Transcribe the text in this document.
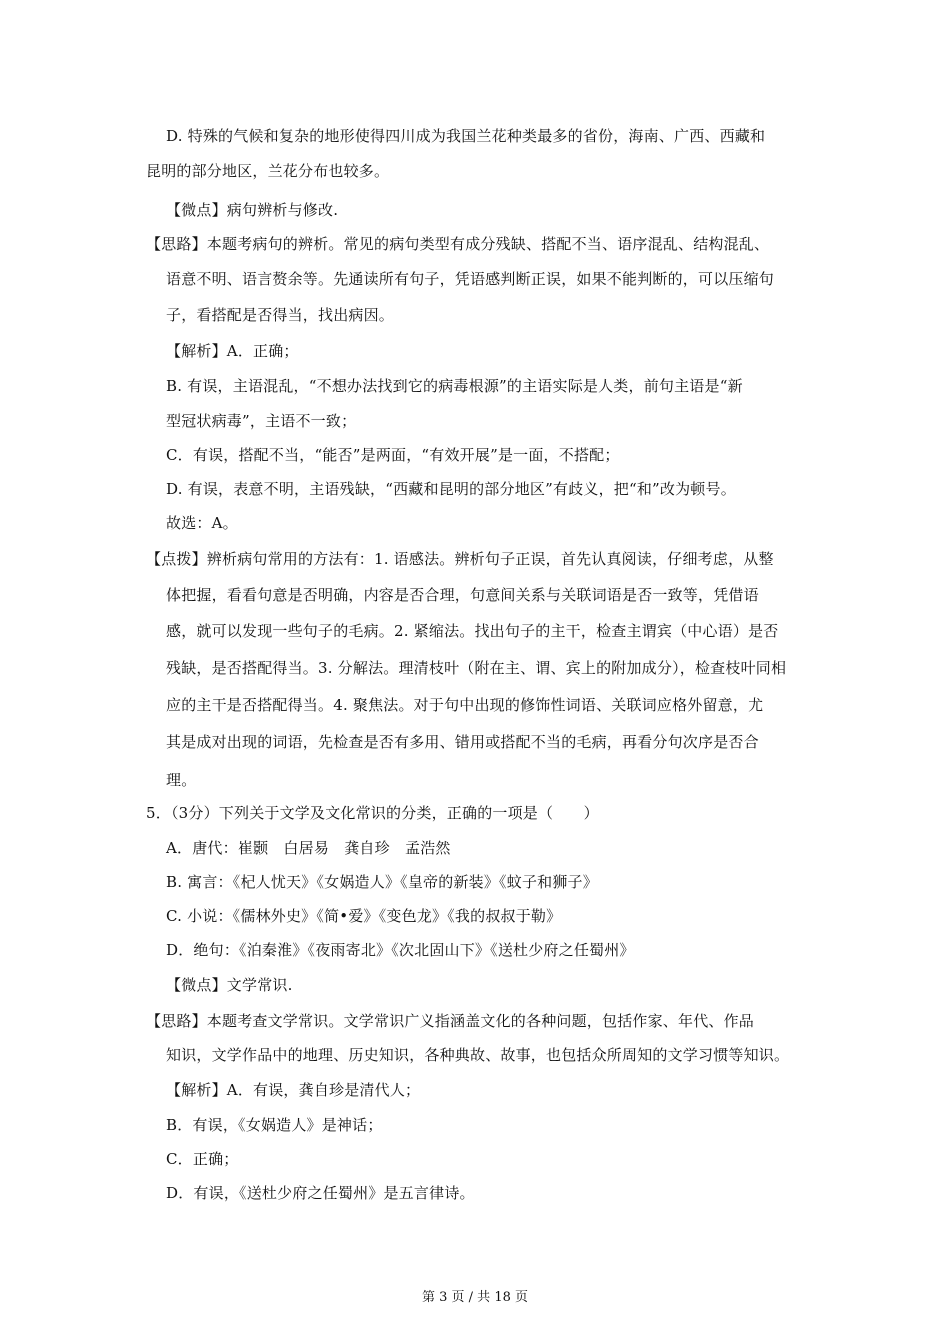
D. 特殊的气候和复杂的地形使得四川成为我国兰花种类最多的省份，海南、广西、西藏和
昆明的部分地区，兰花分布也较多。
【微点】病句辨析与修改.
【思路】本题考病句的辨析。常见的病句类型有成分残缺、搭配不当、语序混乱、结构混乱、
语意不明、语言赘余等。先通读所有句子，凭语感判断正误，如果不能判断的，可以压缩句
子，看搭配是否得当，找出病因。
【解析】A．正确；
B. 有误，主语混乱，“不想办法找到它的病毒根源”的主语实际是人类，前句主语是“新
型冠状病毒”，主语不一致；
C．有误，搭配不当，“能否”是两面，“有效开展”是一面，不搭配；
D. 有误，表意不明，主语残缺，“西藏和昆明的部分地区”有歧义，把“和”改为顿号。
故选：A。
【点拨】辨析病句常用的方法有：1. 语感法。辨析句子正误，首先认真阅读，仔细考虑，从整
体把握，看看句意是否明确，内容是否合理，句意间关系与关联词语是否一致等，凭借语
感，就可以发现一些句子的毛病。2. 紧缩法。找出句子的主干，检查主谓宾（中心语）是否
残缺，是否搭配得当。3. 分解法。理清枝叶（附在主、谓、宾上的附加成分），检查枝叶同相
应的主干是否搭配得当。4. 聚焦法。对于句中出现的修饰性词语、关联词应格外留意，尤
其是成对出现的词语，先检查是否有多用、错用或搭配不当的毛病，再看分句次序是否合
理。
5．（3分）下列关于文学及文化常识的分类，正确的一项是（　　）
A．唐代：崔颢　白居易　龚自珍　孟浩然
B. 寓言：《杞人忧天》《女娲造人》《皇帝的新装》《蚊子和狮子》
C. 小说：《儒林外史》《简•爱》《变色龙》《我的叔叔于勒》
D．绝句：《泊秦淮》《夜雨寄北》《次北固山下》《送杜少府之任蜀州》
【微点】文学常识.
【思路】本题考查文学常识。文学常识广义指涵盖文化的各种问题，包括作家、年代、作品
知识，文学作品中的地理、历史知识，各种典故、故事，也包括众所周知的文学习惯等知识。
【解析】A．有误，龚自珍是清代人；
B．有误，《女娲造人》是神话；
C．正确；
D．有误，《送杜少府之任蜀州》是五言律诗。
第 3 页 / 共 18 页
